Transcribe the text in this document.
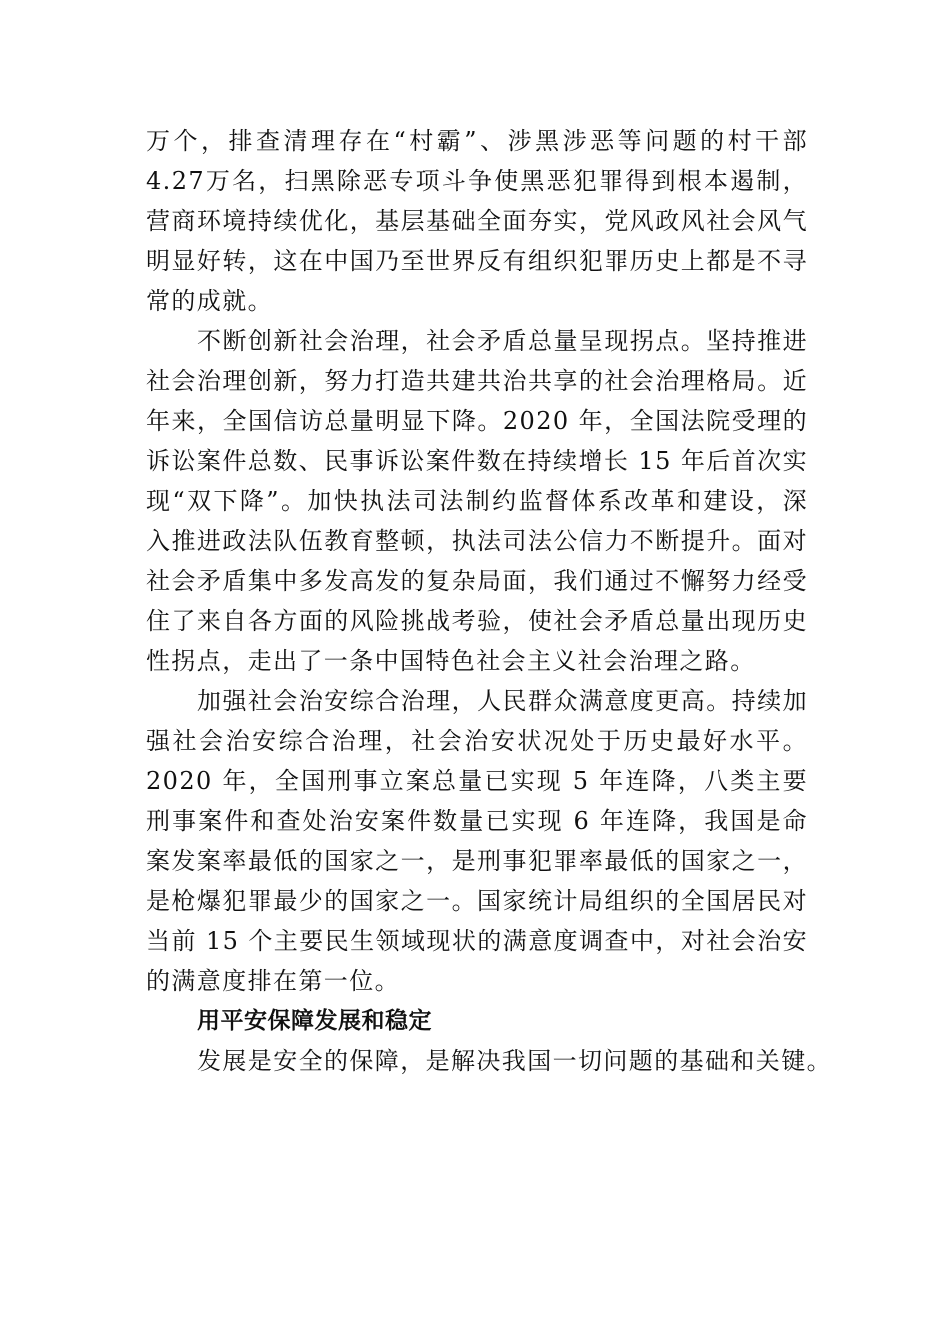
万个，排查清理存在“村霸”、涉黑涉恶等问题的村干部 4.27万名，扫黑除恶专项斗争使黑恶犯罪得到根本遏制，营商环境持续优化，基层基础全面夯实，党风政风社会风气明显好转，这在中国乃至世界反有组织犯罪历史上都是不寻常的成就。

不断创新社会治理，社会矛盾总量呈现拐点。坚持推进社会治理创新，努力打造共建共治共享的社会治理格局。近年来，全国信访总量明显下降。2020 年，全国法院受理的诉讼案件总数、民事诉讼案件数在持续增长 15 年后首次实现“双下降”。加快执法司法制约监督体系改革和建设，深入推进政法队伍教育整顿，执法司法公信力不断提升。面对社会矛盾集中多发高发的复杂局面，我们通过不懈努力经受住了来自各方面的风险挑战考验，使社会矛盾总量出现历史性拐点，走出了一条中国特色社会主义社会治理之路。

加强社会治安综合治理，人民群众满意度更高。持续加强社会治安综合治理，社会治安状况处于历史最好水平。2020 年，全国刑事立案总量已实现 5 年连降，八类主要刑事案件和查处治安案件数量已实现 6 年连降，我国是命案发案率最低的国家之一，是刑事犯罪率最低的国家之一，是枪爆犯罪最少的国家之一。国家统计局组织的全国居民对当前 15 个主要民生领域现状的满意度调查中，对社会治安的满意度排在第一位。

用平安保障发展和稳定

发展是安全的保障，是解决我国一切问题的基础和关键。
